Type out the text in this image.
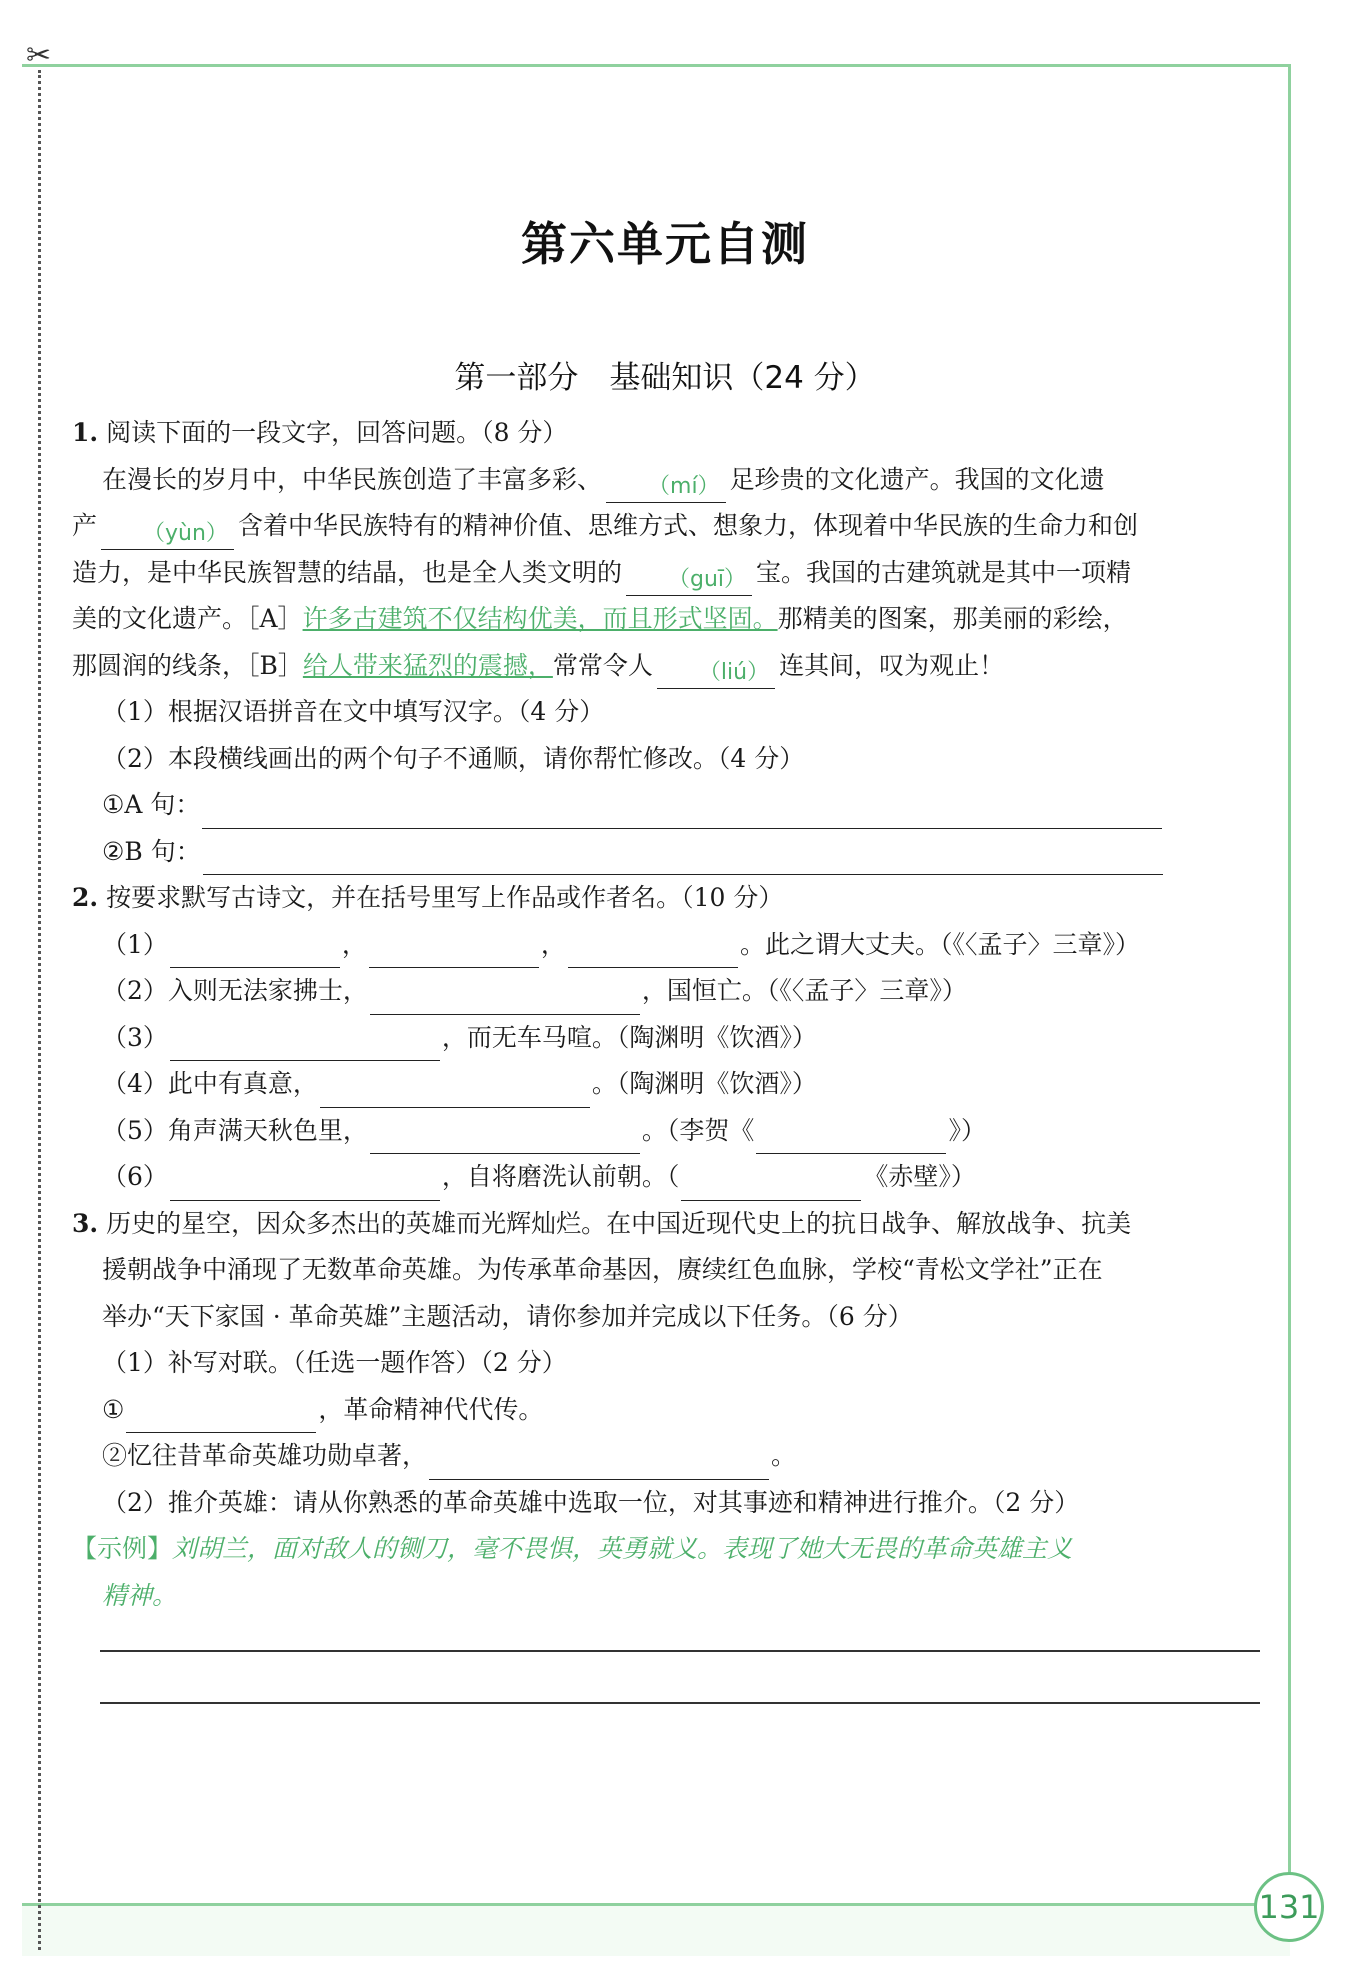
✂
131
第六单元自测
第一部分　基础知识（24 分）
1. 阅读下面的一段文字，回答问题。（8 分）
在漫长的岁月中，中华民族创造了丰富多彩、 （mí） 足珍贵的文化遗产。我国的文化遗
产 （yùn） 含着中华民族特有的精神价值、思维方式、想象力，体现着中华民族的生命力和创
造力，是中华民族智慧的结晶，也是全人类文明的 （guī） 宝。我国的古建筑就是其中一项精
美的文化遗产。［A］许多古建筑不仅结构优美，而且形式坚固。那精美的图案，那美丽的彩绘，
那圆润的线条，［B］给人带来猛烈的震撼，常常令人 （liú） 连其间，叹为观止！
（1）根据汉语拼音在文中填写汉字。（4 分）
（2）本段横线画出的两个句子不通顺，请你帮忙修改。（4 分）
①A 句：
②B 句：
2. 按要求默写古诗文，并在括号里写上作品或作者名。（10 分）
（1）	，	，	。此之谓大丈夫。（《〈孟子〉三章》）
（2）入则无法家拂士，	，国恒亡。（《〈孟子〉三章》）
（3）	，而无车马喧。（陶渊明《饮酒》）
（4）此中有真意，	。（陶渊明《饮酒》）
（5）角声满天秋色里，	。（李贺《	》）
（6）	，自将磨洗认前朝。（	《赤壁》）
3. 历史的星空，因众多杰出的英雄而光辉灿烂。在中国近现代史上的抗日战争、解放战争、抗美
援朝战争中涌现了无数革命英雄。为传承革命基因，赓续红色血脉，学校“青松文学社”正在
举办“天下家国 · 革命英雄”主题活动，请你参加并完成以下任务。（6 分）
（1）补写对联。（任选一题作答）（2 分）
①	，革命精神代代传。
②忆往昔革命英雄功勋卓著，	。
（2）推介英雄：请从你熟悉的革命英雄中选取一位，对其事迹和精神进行推介。（2 分）
【示例】刘胡兰，面对敌人的铡刀，毫不畏惧，英勇就义。表现了她大无畏的革命英雄主义
精神。
